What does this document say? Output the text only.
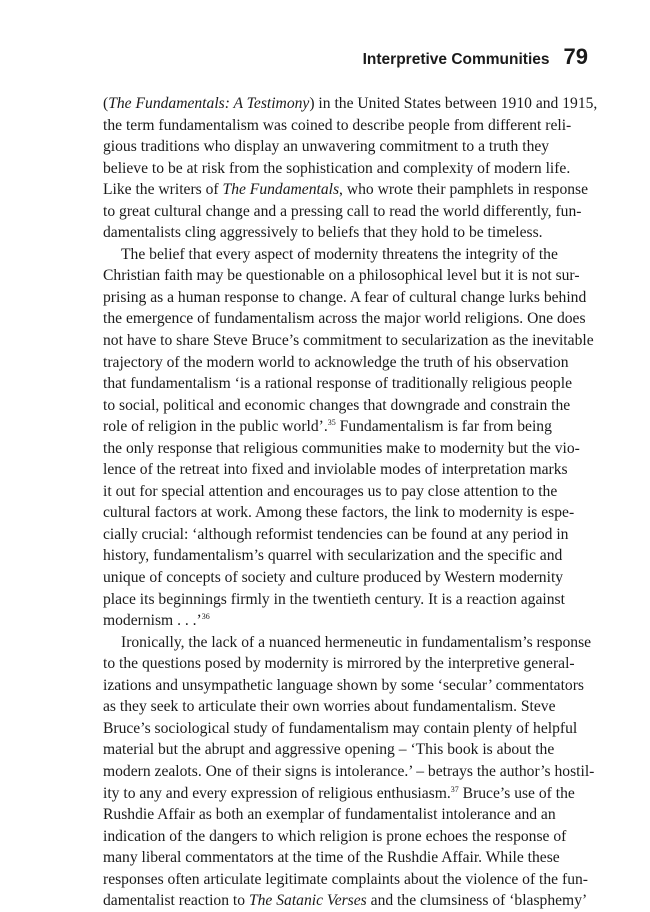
Interpretive Communities 79
(The Fundamentals: A Testimony) in the United States between 1910 and 1915,
the term fundamentalism was coined to describe people from different reli-
gious traditions who display an unwavering commitment to a truth they
believe to be at risk from the sophistication and complexity of modern life.
Like the writers of The Fundamentals, who wrote their pamphlets in response
to great cultural change and a pressing call to read the world differently, fun-
damentalists cling aggressively to beliefs that they hold to be timeless.
The belief that every aspect of modernity threatens the integrity of the
Christian faith may be questionable on a philosophical level but it is not sur-
prising as a human response to change. A fear of cultural change lurks behind
the emergence of fundamentalism across the major world religions. One does
not have to share Steve Bruce’s commitment to secularization as the inevitable
trajectory of the modern world to acknowledge the truth of his observation
that fundamentalism ‘is a rational response of traditionally religious people
to social, political and economic changes that downgrade and constrain the
role of religion in the public world’.$^{35}$ Fundamentalism is far from being
the only response that religious communities make to modernity but the vio-
lence of the retreat into fixed and inviolable modes of interpretation marks
it out for special attention and encourages us to pay close attention to the
cultural factors at work. Among these factors, the link to modernity is espe-
cially crucial: ‘although reformist tendencies can be found at any period in
history, fundamentalism’s quarrel with secularization and the specific and
unique of concepts of society and culture produced by Western modernity
place its beginnings firmly in the twentieth century. It is a reaction against
modernism . . .’$^{36}$
Ironically, the lack of a nuanced hermeneutic in fundamentalism’s response
to the questions posed by modernity is mirrored by the interpretive general-
izations and unsympathetic language shown by some ‘secular’ commentators
as they seek to articulate their own worries about fundamentalism. Steve
Bruce’s sociological study of fundamentalism may contain plenty of helpful
material but the abrupt and aggressive opening – ‘This book is about the
modern zealots. One of their signs is intolerance.’ – betrays the author’s hostil-
ity to any and every expression of religious enthusiasm.$^{37}$ Bruce’s use of the
Rushdie Affair as both an exemplar of fundamentalist intolerance and an
indication of the dangers to which religion is prone echoes the response of
many liberal commentators at the time of the Rushdie Affair. While these
responses often articulate legitimate complaints about the violence of the fun-
damentalist reaction to The Satanic Verses and the clumsiness of ‘blasphemy’
